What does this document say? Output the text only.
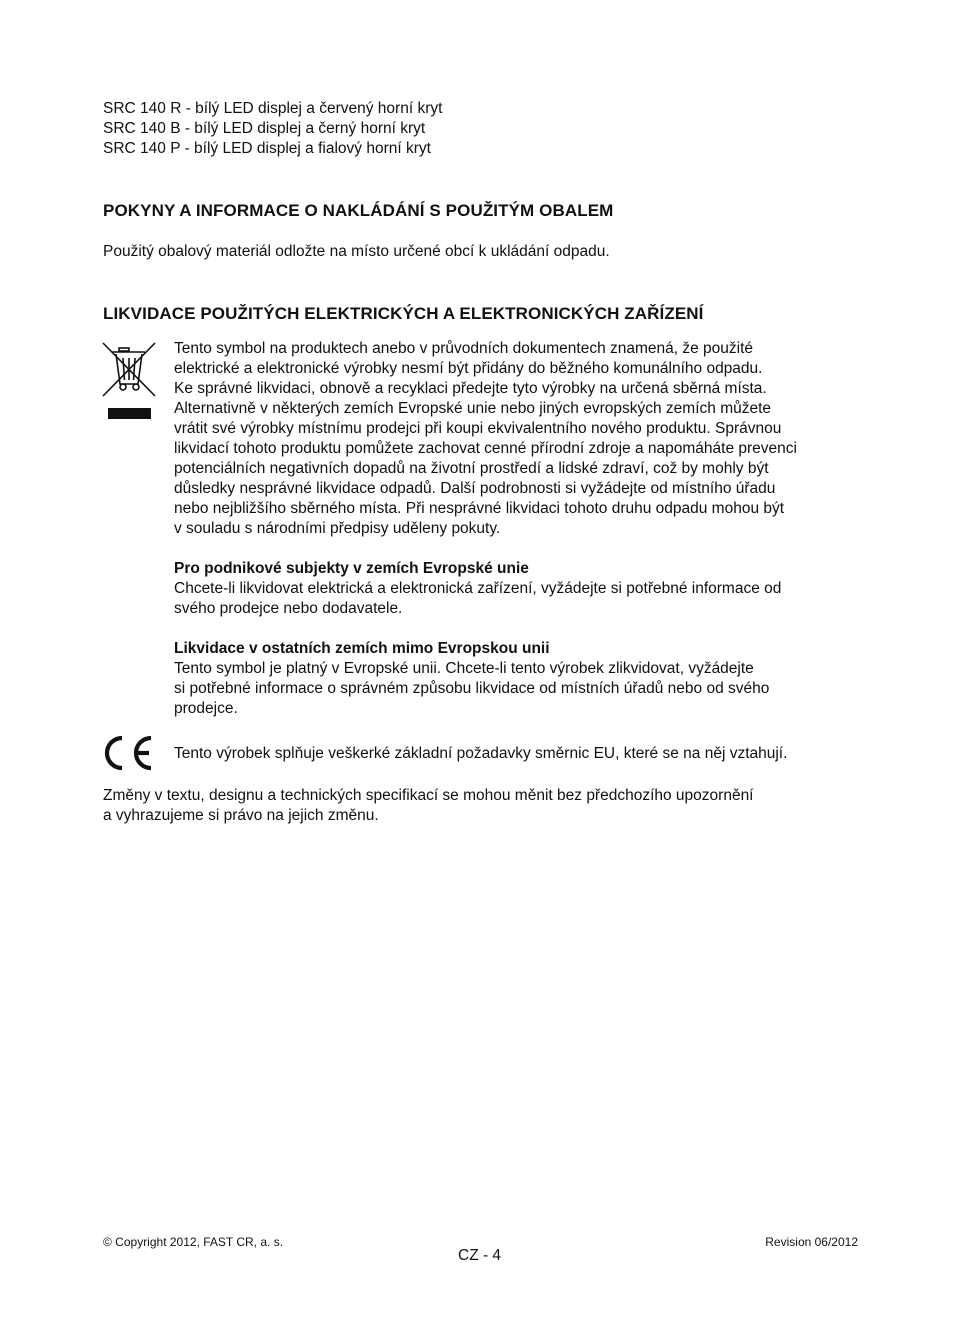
SRC 140 R - bílý LED displej a červený horní kryt
SRC 140 B - bílý LED displej a černý horní kryt
SRC 140 P - bílý LED displej a fialový horní kryt
POKYNY A INFORMACE O NAKLÁDÁNÍ S POUŽITÝM OBALEM
Použitý obalový materiál odložte na místo určené obcí k ukládání odpadu.
LIKVIDACE POUŽITÝCH ELEKTRICKÝCH A ELEKTRONICKÝCH ZAŘÍZENÍ
Tento symbol na produktech anebo v průvodních dokumentech znamená, že použité
elektrické a elektronické výrobky nesmí být přidány do běžného komunálního odpadu.
Ke správné likvidaci, obnově a recyklaci předejte tyto výrobky na určená sběrná místa.
Alternativně v některých zemích Evropské unie nebo jiných evropských zemích můžete
vrátit své výrobky místnímu prodejci při koupi ekvivalentního nového produktu. Správnou
likvidací tohoto produktu pomůžete zachovat cenné přírodní zdroje a napomáháte prevenci
potenciálních negativních dopadů na životní prostředí a lidské zdraví, což by mohly být
důsledky nesprávné likvidace odpadů. Další podrobnosti si vyžádejte od místního úřadu
nebo nejbližšího sběrného místa. Při nesprávné likvidaci tohoto druhu odpadu mohou být
v souladu s národními předpisy uděleny pokuty.
Pro podnikové subjekty v zemích Evropské unie
Chcete-li likvidovat elektrická a elektronická zařízení, vyžádejte si potřebné informace od
svého prodejce nebo dodavatele.
Likvidace v ostatních zemích mimo Evropskou unii
Tento symbol je platný v Evropské unii. Chcete-li tento výrobek zlikvidovat, vyžádejte
si potřebné informace o správném způsobu likvidace od místních úřadů nebo od svého
prodejce.
Tento výrobek splňuje veškerké základní požadavky směrnic EU, které se na něj vztahují.
Změny v textu, designu a technických specifikací se mohou měnit bez předchozího upozornění
a vyhrazujeme si právo na jejich změnu.
© Copyright 2012, FAST CR, a. s.	Revision 06/2012
CZ - 4
